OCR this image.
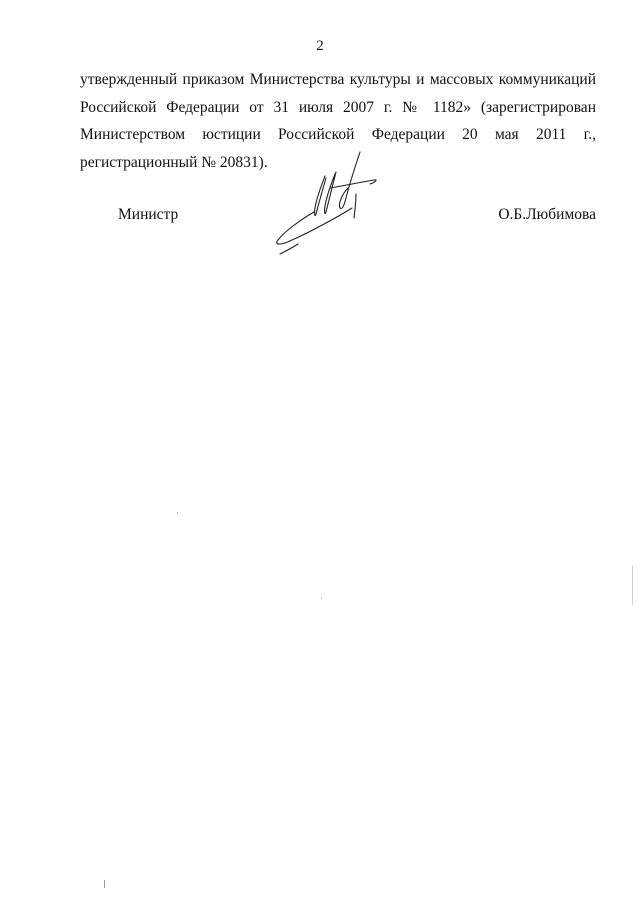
2
утвержденный приказом Министерства культуры и массовых коммуникаций
Российской Федерации от 31 июля 2007 г. № 1182» (зарегистрирован
Министерством юстиции Российской Федерации 20 мая 2011 г.,
регистрационный № 20831).
Министр	О.Б.Любимова
